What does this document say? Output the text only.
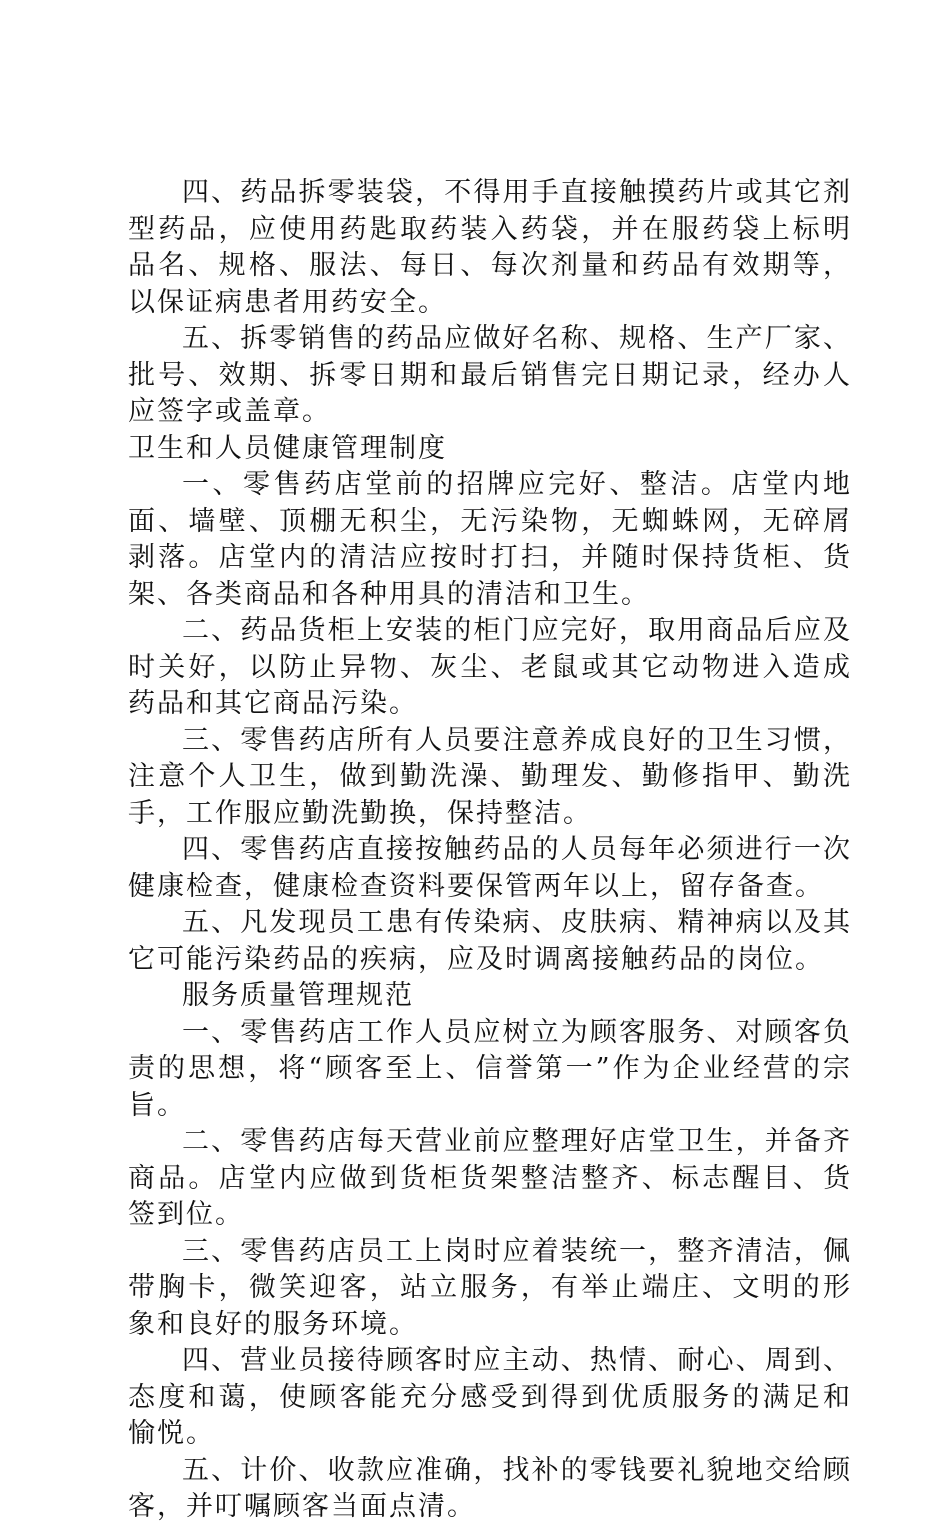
四、药品拆零装袋，不得用手直接触摸药片或其它剂型药品，应使用药匙取药装入药袋，并在服药袋上标明品名、规格、服法、每日、每次剂量和药品有效期等，以保证病患者用药安全。

五、拆零销售的药品应做好名称、规格、生产厂家、批号、效期、拆零日期和最后销售完日期记录，经办人应签字或盖章。

卫生和人员健康管理制度

一、零售药店堂前的招牌应完好、整洁。店堂内地面、墙壁、顶棚无积尘，无污染物，无蜘蛛网，无碎屑剥落。店堂内的清洁应按时打扫，并随时保持货柜、货架、各类商品和各种用具的清洁和卫生。

二、药品货柜上安装的柜门应完好，取用商品后应及时关好，以防止异物、灰尘、老鼠或其它动物进入造成药品和其它商品污染。

三、零售药店所有人员要注意养成良好的卫生习惯，注意个人卫生，做到勤洗澡、勤理发、勤修指甲、勤洗手，工作服应勤洗勤换，保持整洁。

四、零售药店直接按触药品的人员每年必须进行一次健康检查，健康检查资料要保管两年以上，留存备查。

五、凡发现员工患有传染病、皮肤病、精神病以及其它可能污染药品的疾病，应及时调离接触药品的岗位。

服务质量管理规范

一、零售药店工作人员应树立为顾客服务、对顾客负责的思想，将“顾客至上、信誉第一”作为企业经营的宗旨。

二、零售药店每天营业前应整理好店堂卫生，并备齐商品。店堂内应做到货柜货架整洁整齐、标志醒目、货签到位。

三、零售药店员工上岗时应着装统一，整齐清洁，佩带胸卡，微笑迎客，站立服务，有举止端庄、文明的形象和良好的服务环境。

四、营业员接待顾客时应主动、热情、耐心、周到、态度和蔼，使顾客能充分感受到得到优质服务的满足和愉悦。

五、计价、收款应准确，找补的零钱要礼貌地交给顾客，并叮嘱顾客当面点清。
